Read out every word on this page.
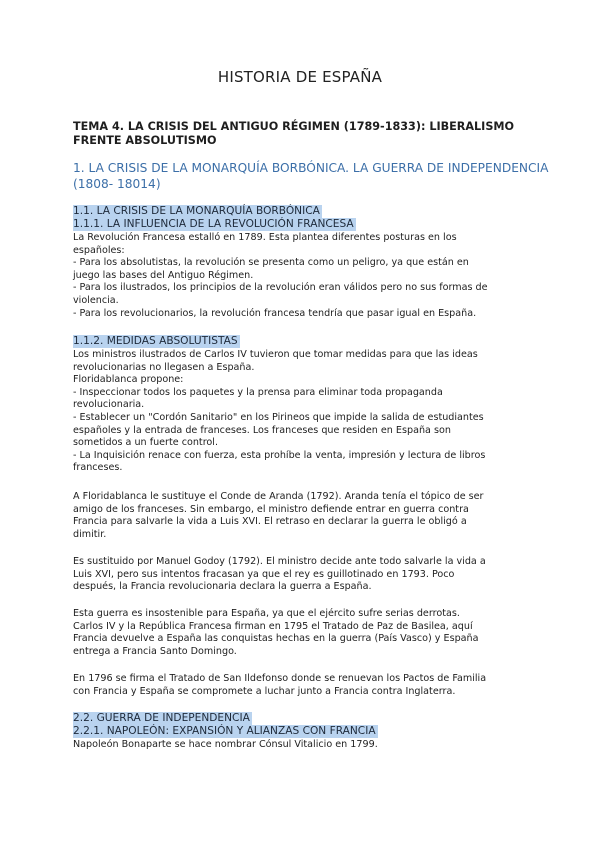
HISTORIA DE ESPAÑA
TEMA 4. LA CRISIS DEL ANTIGUO RÉGIMEN (1789-1833): LIBERALISMO
FRENTE ABSOLUTISMO
1. LA CRISIS DE LA MONARQUÍA BORBÓNICA. LA GUERRA DE INDEPENDENCIA
(1808- 18014)
1.1. LA CRISIS DE LA MONARQUÍA BORBÓNICA
1.1.1. LA INFLUENCIA DE LA REVOLUCIÓN FRANCESA
La Revolución Francesa estalló en 1789. Esta plantea diferentes posturas en los
españoles:
- Para los absolutistas, la revolución se presenta como un peligro, ya que están en
juego las bases del Antiguo Régimen.
- Para los ilustrados, los principios de la revolución eran válidos pero no sus formas de
violencia.
- Para los revolucionarios, la revolución francesa tendría que pasar igual en España.
1.1.2. MEDIDAS ABSOLUTISTAS
Los ministros ilustrados de Carlos IV tuvieron que tomar medidas para que las ideas
revolucionarias no llegasen a España.
Floridablanca propone:
- Inspeccionar todos los paquetes y la prensa para eliminar toda propaganda
revolucionaria.
- Establecer un "Cordón Sanitario" en los Pirineos que impide la salida de estudiantes
españoles y la entrada de franceses. Los franceses que residen en España son
sometidos a un fuerte control.
- La Inquisición renace con fuerza, esta prohíbe la venta, impresión y lectura de libros
franceses.
A Floridablanca le sustituye el Conde de Aranda (1792). Aranda tenía el tópico de ser
amigo de los franceses. Sin embargo, el ministro defiende entrar en guerra contra
Francia para salvarle la vida a Luis XVI. El retraso en declarar la guerra le obligó a
dimitir.
Es sustituido por Manuel Godoy (1792). El ministro decide ante todo salvarle la vida a
Luis XVI, pero sus intentos fracasan ya que el rey es guillotinado en 1793. Poco
después, la Francia revolucionaria declara la guerra a España.
Esta guerra es insostenible para España, ya que el ejército sufre serias derrotas.
Carlos IV y la República Francesa firman en 1795 el Tratado de Paz de Basilea, aquí
Francia devuelve a España las conquistas hechas en la guerra (País Vasco) y España
entrega a Francia Santo Domingo.
En 1796 se firma el Tratado de San Ildefonso donde se renuevan los Pactos de Familia
con Francia y España se compromete a luchar junto a Francia contra Inglaterra.
2.2. GUERRA DE INDEPENDENCIA
2.2.1. NAPOLEÓN: EXPANSIÓN Y ALIANZAS CON FRANCIA
Napoleón Bonaparte se hace nombrar Cónsul Vitalicio en 1799.
